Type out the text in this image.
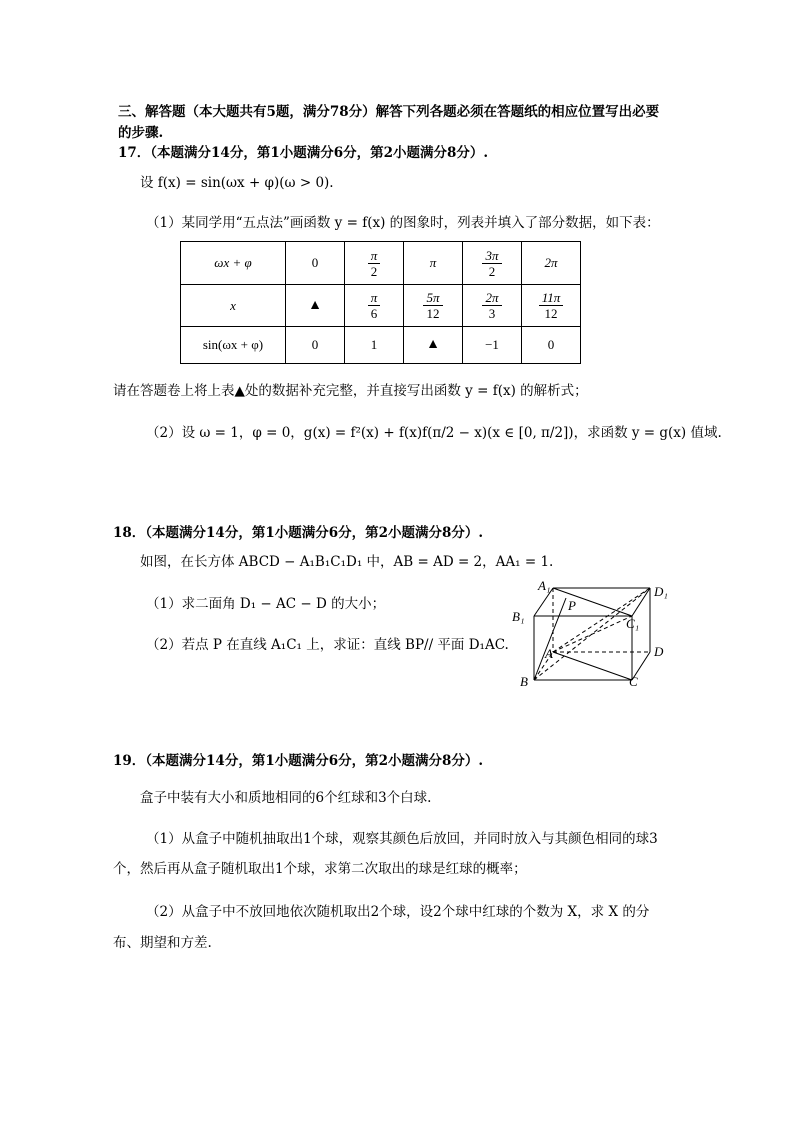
三、解答题（本大题共有5题，满分78分）解答下列各题必须在答题纸的相应位置写出必要
的步骤.
17．（本题满分14分，第1小题满分6分，第2小题满分8分）.
设 f(x) = sin(ωx + φ)(ω > 0).
（1）某同学用“五点法”画函数 y = f(x) 的图象时，列表并填入了部分数据，如下表：
ωx + φ	0	$\frac{\pi}{2}$	π	$\frac{3\pi}{2}$	2π
x	▲	$\frac{\pi}{6}$	$\frac{5\pi}{12}$	$\frac{2\pi}{3}$	$\frac{11\pi}{12}$

sin(ωx + φ)	0	1	▲	−1	0
请在答题卷上将上表▲处的数据补充完整，并直接写出函数 y = f(x) 的解析式；
（2）设 ω = 1，φ = 0，g(x) = f²(x) + f(x)f(π/2 − x)(x ∈ [0, π/2])，求函数 y = g(x) 值域.
18．（本题满分14分，第1小题满分6分，第2小题满分8分）.
如图，在长方体 ABCD − A₁B₁C₁D₁ 中，AB = AD = 2，AA₁ = 1.
（1）求二面角 D₁ − AC − D 的大小；
（2）若点 P 在直线 A₁C₁ 上，求证：直线 BP// 平面 D₁AC.
A₁	D₁
B₁	C₁
P
A	D
B	C
19．（本题满分14分，第1小题满分6分，第2小题满分8分）.
盒子中装有大小和质地相同的6个红球和3个白球.
（1）从盒子中随机抽取出1个球，观察其颜色后放回，并同时放入与其颜色相同的球3
个，然后再从盒子随机取出1个球，求第二次取出的球是红球的概率；
（2）从盒子中不放回地依次随机取出2个球，设2个球中红球的个数为 X，求 X 的分
布、期望和方差.
